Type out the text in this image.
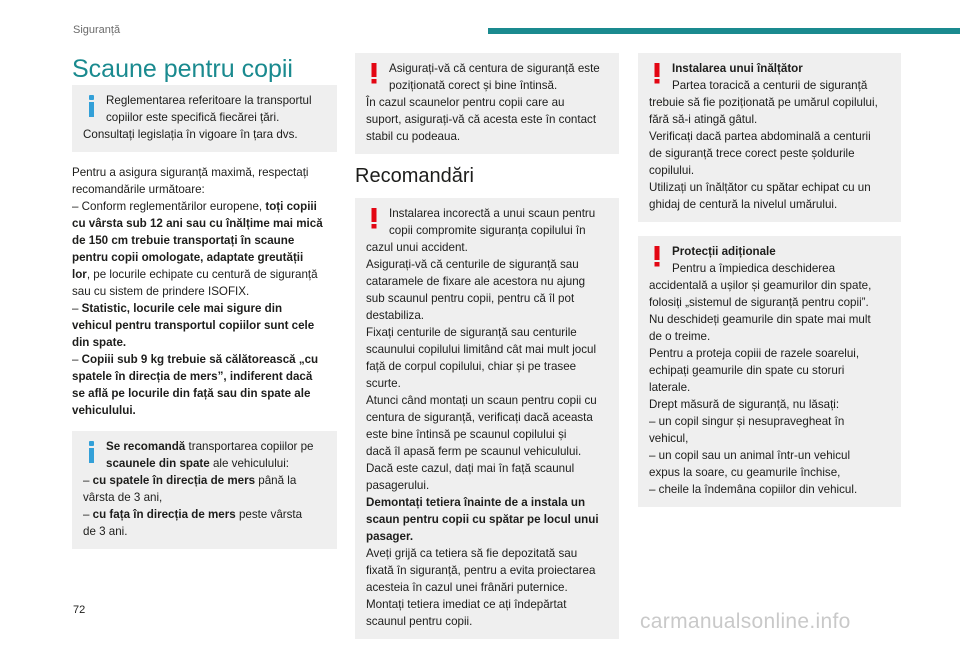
Siguranță
Scaune pentru copii

Reglementarea referitoare la transportul

copiilor este specifică fiecărei țări.

Consultați legislația în vigoare în țara dvs.

Pentru a asigura siguranță maximă, respectați

recomandările următoare:

– Conform reglementărilor europene, toți copiii

cu vârsta sub 12 ani sau cu înălțime mai mică

de 150 cm trebuie transportați în scaune

pentru copii omologate, adaptate greutății

lor, pe locurile echipate cu centură de siguranță

sau cu sistem de prindere ISOFIX.

– Statistic, locurile cele mai sigure din

vehicul pentru transportul copiilor sunt cele

din spate.

– Copiii sub 9 kg trebuie să călătorească „cu

spatele în direcția de mers”, indiferent dacă

se află pe locurile din față sau din spate ale

vehiculului.

Se recomandă transportarea copiilor pe

scaunele din spate ale vehiculului:

– cu spatele în direcția de mers până la

vârsta de 3 ani,

– cu fața în direcția de mers peste vârsta

de 3 ani.

Asigurați-vă că centura de siguranță este

poziționată corect și bine întinsă.

În cazul scaunelor pentru copii care au

suport, asigurați-vă că acesta este în contact

stabil cu podeaua.

Recomandări

Instalarea incorectă a unui scaun pentru

copii compromite siguranța copilului în

cazul unui accident.

Asigurați-vă că centurile de siguranță sau

cataramele de fixare ale acestora nu ajung

sub scaunul pentru copii, pentru că îl pot

destabiliza.

Fixați centurile de siguranță sau centurile

scaunului copilului limitând cât mai mult jocul

față de corpul copilului, chiar și pe trasee

scurte.

Atunci când montați un scaun pentru copii cu

centura de siguranță, verificați dacă aceasta

este bine întinsă pe scaunul copilului și

dacă îl apasă ferm pe scaunul vehiculului.

Dacă este cazul, dați mai în față scaunul

pasagerului.

Demontați tetiera înainte de a instala un

scaun pentru copii cu spătar pe locul unui

pasager.

Aveți grijă ca tetiera să fie depozitată sau

fixată în siguranță, pentru a evita proiectarea

acesteia în cazul unei frânări puternice.

Montați tetiera imediat ce ați îndepărtat

scaunul pentru copii.

Instalarea unui înălțător

Partea toracică a centurii de siguranță

trebuie să fie poziționată pe umărul copilului,

fără să-i atingă gâtul.

Verificați dacă partea abdominală a centurii

de siguranță trece corect peste șoldurile

copilului.

Utilizați un înălțător cu spătar echipat cu un

ghidaj de centură la nivelul umărului.

Protecții adiționale

Pentru a împiedica deschiderea

accidentală a ușilor și geamurilor din spate,

folosiți „sistemul de siguranță pentru copii”.

Nu deschideți geamurile din spate mai mult

de o treime.

Pentru a proteja copiii de razele soarelui,

echipați geamurile din spate cu storuri

laterale.

Drept măsură de siguranță, nu lăsați:

– un copil singur și nesupravegheat în

vehicul,

– un copil sau un animal într-un vehicul

expus la soare, cu geamurile închise,

– cheile la îndemâna copiilor din vehicul.

72	carmanualsonline.info
